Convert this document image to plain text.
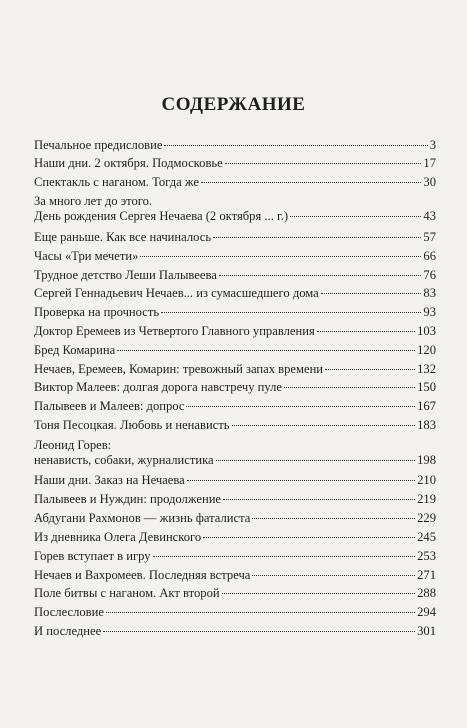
СОДЕРЖАНИЕ
Печальное предисловие	3
Наши дни. 2 октября. Подмосковье	17
Спектакль с наганом. Тогда же	30
За много лет до этого.
День рождения Сергея Нечаева (2 октября ... г.)	43
Еще раньше. Как все начиналось	57
Часы «Три мечети»	66
Трудное детство Леши Палывеева	76
Сергей Геннадьевич Нечаев... из сумасшедшего дома	83
Проверка на прочность	93
Доктор Еремеев из Четвертого Главного управления	103
Бред Комарина	120
Нечаев, Еремеев, Комарин: тревожный запах времени	132
Виктор Малеев: долгая дорога навстречу пуле	150
Палывеев и Малеев: допрос	167
Тоня Песоцкая. Любовь и ненависть	183
Леонид Горев:
ненависть, собаки, журналистика	198
Наши дни. Заказ на Нечаева	210
Палывеев и Нуждин: продолжение	219
Абдугани Рахмонов — жизнь фаталиста	229
Из дневника Олега Девинского	245
Горев вступает в игру	253
Нечаев и Вахромеев. Последняя встреча	271
Поле битвы с наганом. Акт второй	288
Послесловие	294
И последнее	301
